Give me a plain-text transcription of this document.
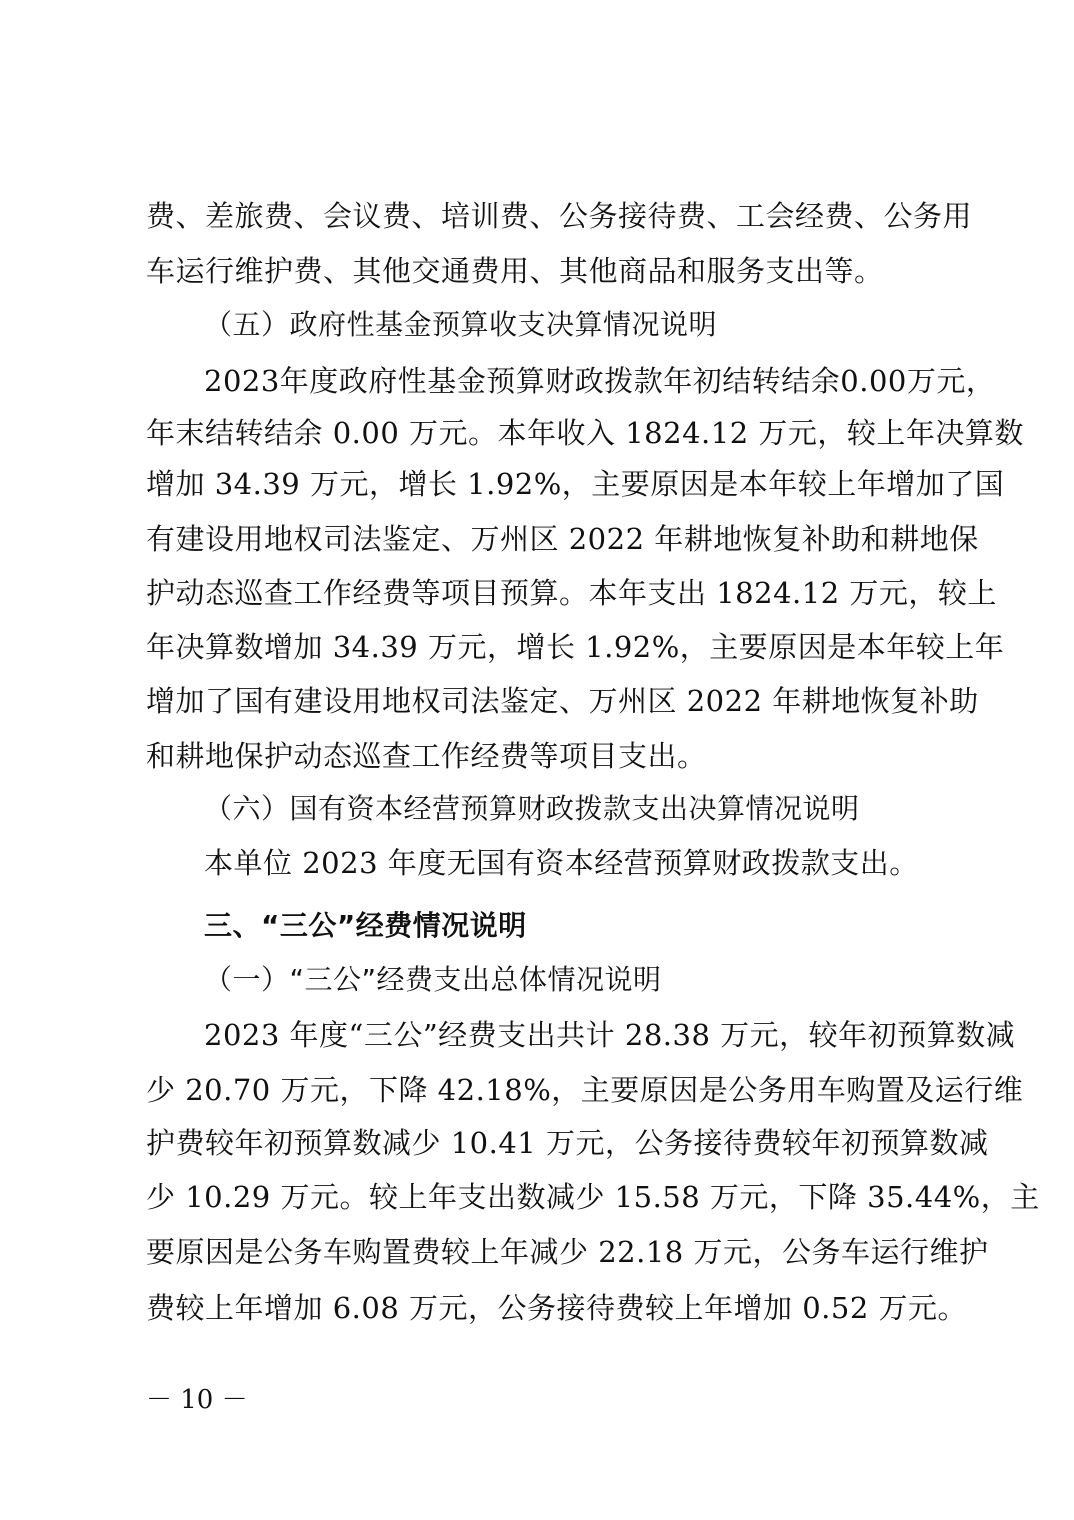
费、差旅费、会议费、培训费、公务接待费、工会经费、公务用
车运行维护费、其他交通费用、其他商品和服务支出等。
（五）政府性基金预算收支决算情况说明
2023年度政府性基金预算财政拨款年初结转结余0.00万元，
年末结转结余 0.00 万元。本年收入 1824.12 万元，较上年决算数
增加 34.39 万元，增长 1.92%，主要原因是本年较上年增加了国
有建设用地权司法鉴定、万州区 2022 年耕地恢复补助和耕地保
护动态巡查工作经费等项目预算。本年支出 1824.12 万元，较上
年决算数增加 34.39 万元，增长 1.92%，主要原因是本年较上年
增加了国有建设用地权司法鉴定、万州区 2022 年耕地恢复补助
和耕地保护动态巡查工作经费等项目支出。
（六）国有资本经营预算财政拨款支出决算情况说明
本单位 2023 年度无国有资本经营预算财政拨款支出。
三、“三公”经费情况说明
（一）“三公”经费支出总体情况说明
2023 年度“三公”经费支出共计 28.38 万元，较年初预算数减
少 20.70 万元，下降 42.18%，主要原因是公务用车购置及运行维
护费较年初预算数减少 10.41 万元，公务接待费较年初预算数减
少 10.29 万元。较上年支出数减少 15.58 万元，下降 35.44%，主
要原因是公务车购置费较上年减少 22.18 万元，公务车运行维护
费较上年增加 6.08 万元，公务接待费较上年增加 0.52 万元。
－ 10 －
